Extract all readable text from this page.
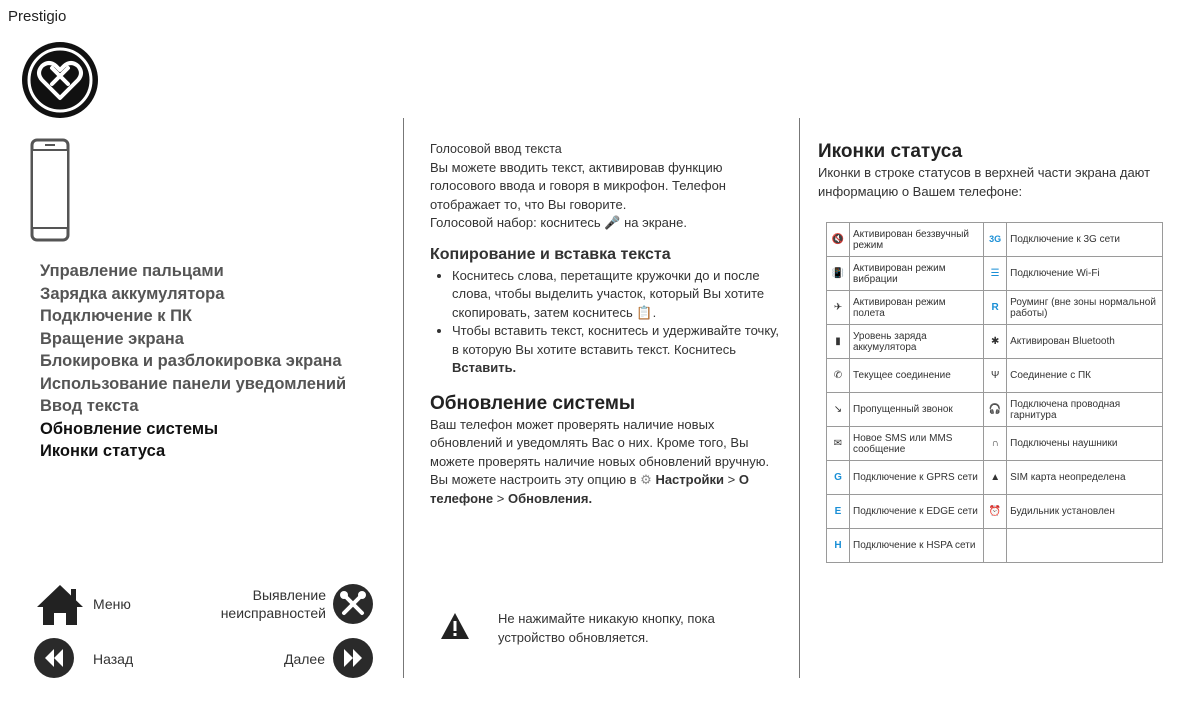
Prestigio
Управление пальцами
Зарядка аккумулятора
Подключение к ПК
Вращение экрана
Блокировка и разблокировка экрана
Использование панели уведомлений
Ввод текста
Обновление системы
Иконки статуса
Меню
Выявление
неисправностей
Назад	Далее
Голосовой ввод текста
Вы можете вводить текст, активировав функцию голосового ввода и говоря в микрофон. Телефон отображает то, что Вы говорите.
Голосовой набор: коснитесь 🎤 на экране.
Копирование и вставка текста
• Коснитесь слова, перетащите кружочки до и после слова, чтобы выделить участок, который Вы хотите скопировать, затем коснитесь 📋.
• Чтобы вставить текст, коснитесь и удерживайте точку, в которую Вы хотите вставить текст. Коснитесь Вставить.
Обновление системы
Ваш телефон может проверять наличие новых обновлений и уведомлять Вас о них. Кроме того, Вы можете проверять наличие новых обновлений вручную. Вы можете настроить эту опцию в ⚙ Настройки > О телефоне > Обновления.
Не нажимайте никакую кнопку, пока устройство обновляется.
Иконки статуса
Иконки в строке статусов в верхней части экрана дают информацию о Вашем телефоне:
🔇	Активирован беззвучный режим	3G	Подключение к 3G сети
📳	Активирован режим вибрации	☰	Подключение Wi-Fi
✈	Активирован режим полета	R	Роуминг (вне зоны нормальной работы)
▮	Уровень заряда аккумулятора	✱	Активирован Bluetooth
✆	Текущее соединение	Ψ	Соединение с ПК
↘	Пропущенный звонок	🎧	Подключена проводная гарнитура
✉	Новое SMS или MMS сообщение	∩	Подключены наушники
G	Подключение к GPRS сети	▲	SIM карта неопределена
E	Подключение к EDGE сети	⏰	Будильник установлен
H	Подключение к HSPA сети		
